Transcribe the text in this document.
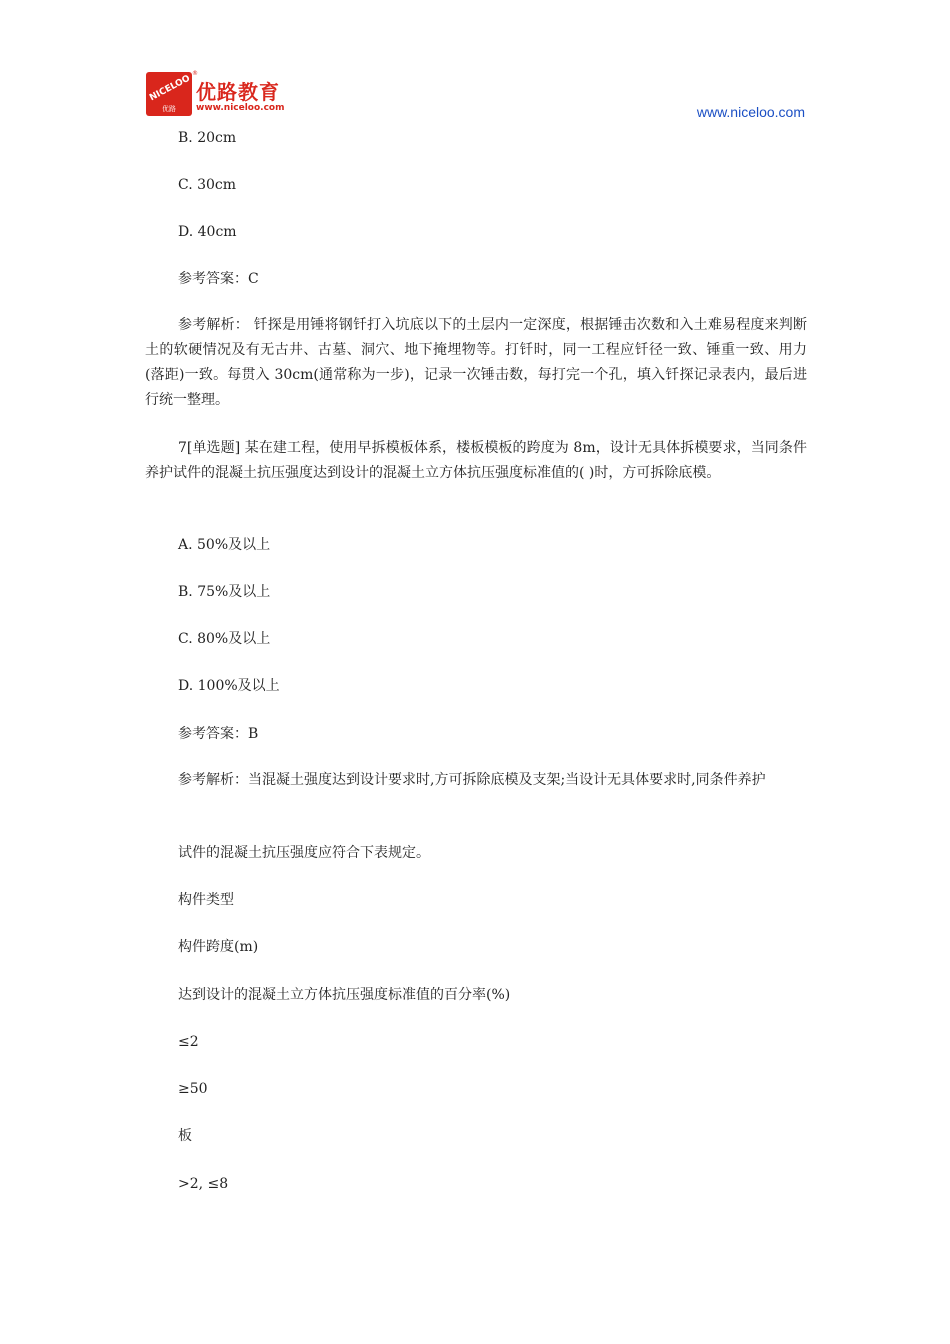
NICELOO
优路
®
优路教育
www.niceloo.com	www.niceloo.com
B. 20cm
C. 30cm
D. 40cm
参考答案：C
参考解析： 钎探是用锤将钢钎打入坑底以下的土层内一定深度，根据锤击次数和入土难易程度来判断土的软硬情况及有无古井、古墓、洞穴、地下掩埋物等。打钎时，同一工程应钎径一致、锤重一致、用力(落距)一致。每贯入 30cm(通常称为一步)，记录一次锤击数，每打完一个孔，填入钎探记录表内，最后进行统一整理。
7[单选题] 某在建工程，使用早拆模板体系，楼板模板的跨度为 8m，设计无具体拆模要求，当同条件养护试件的混凝土抗压强度达到设计的混凝土立方体抗压强度标准值的( )时，方可拆除底模。
A. 50%及以上
B. 75%及以上
C. 80%及以上
D. 100%及以上
参考答案：B
参考解析：当混凝土强度达到设计要求时,方可拆除底模及支架;当设计无具体要求时,同条件养护
试件的混凝土抗压强度应符合下表规定。
构件类型
构件跨度(m)
达到设计的混凝土立方体抗压强度标准值的百分率(%)
≤2
≥50
板
>2, ≤8
